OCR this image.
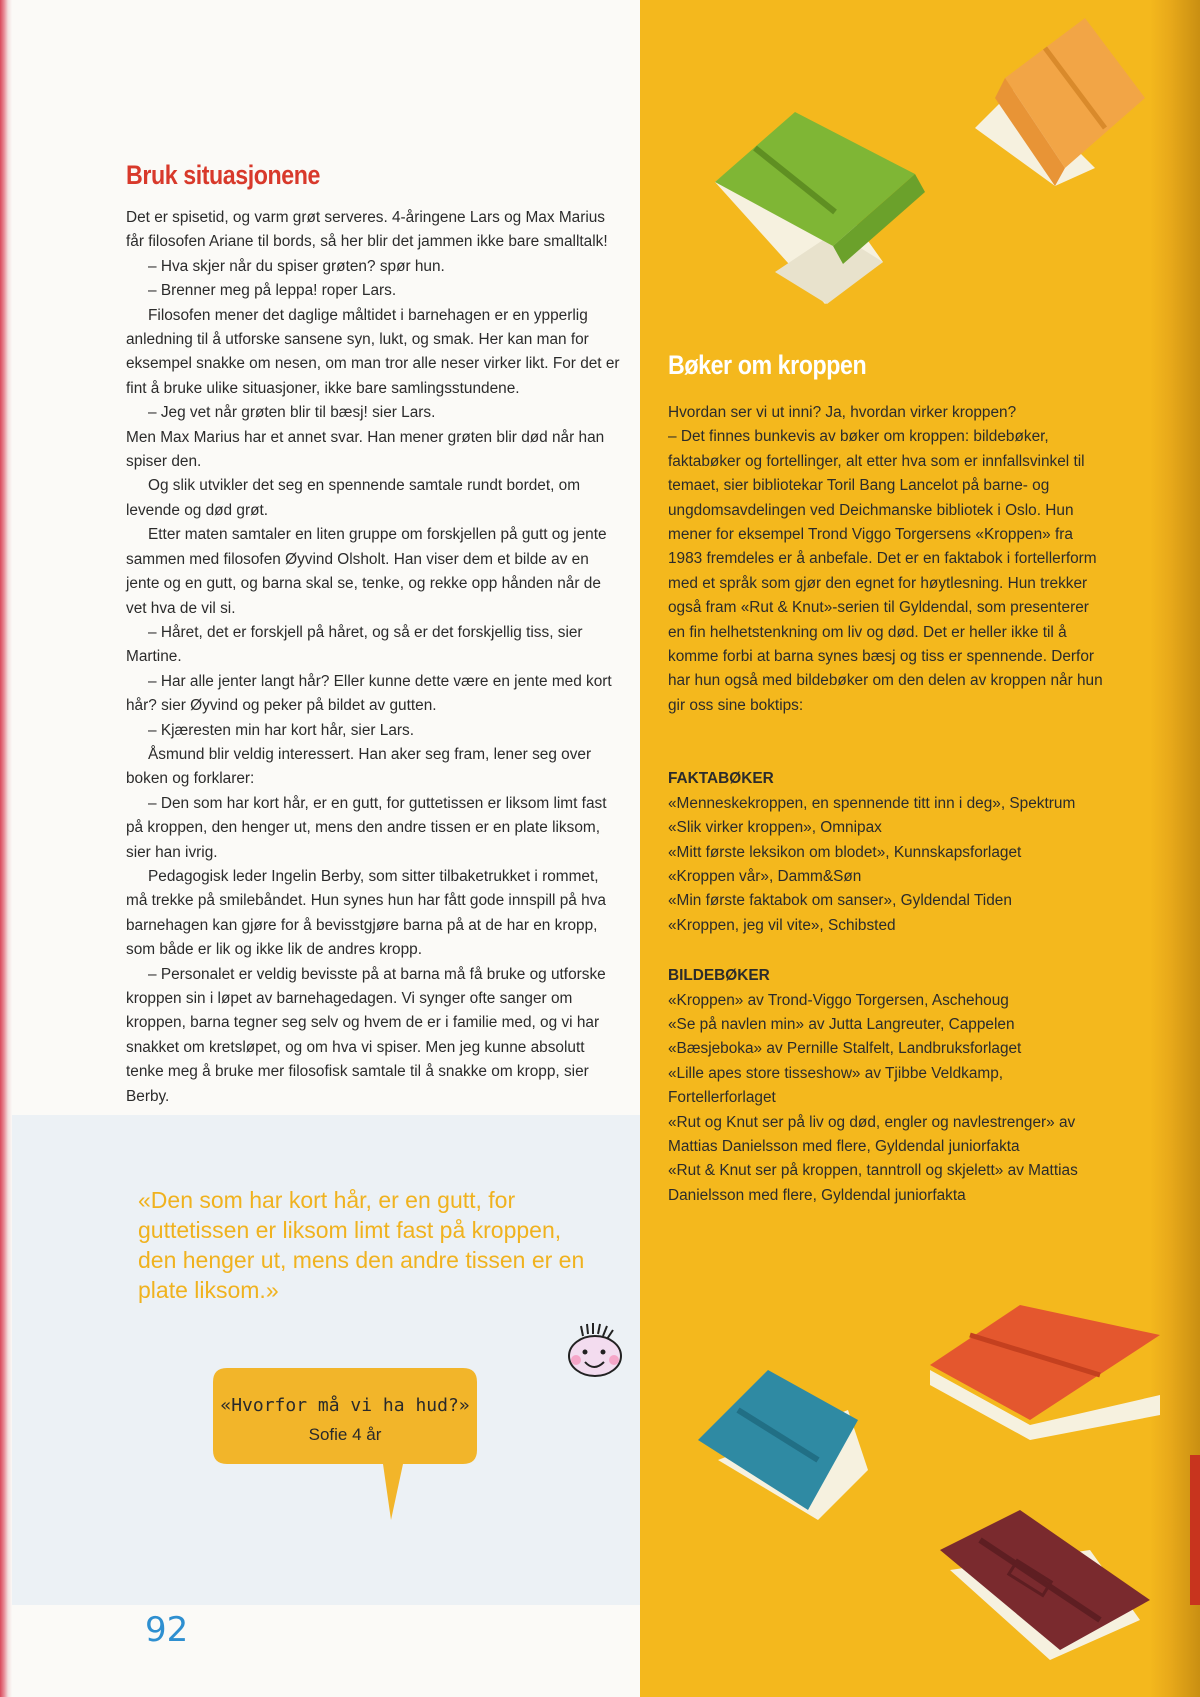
Bruk situasjonene

Det er spisetid, og varm grøt serveres. 4-åringene Lars og Max Marius får filosofen Ariane til bords, så her blir det jammen ikke bare smalltalk!

– Hva skjer når du spiser grøten? spør hun.

– Brenner meg på leppa! roper Lars.

Filosofen mener det daglige måltidet i barnehagen er en ypperlig anledning til å utforske sansene syn, lukt, og smak. Her kan man for eksempel snakke om nesen, om man tror alle neser virker likt. For det er fint å bruke ulike situasjoner, ikke bare samlingsstundene.

– Jeg vet når grøten blir til bæsj! sier Lars.

Men Max Marius har et annet svar. Han mener grøten blir død når han spiser den.

Og slik utvikler det seg en spennende samtale rundt bordet, om levende og død grøt.

Etter maten samtaler en liten gruppe om forskjellen på gutt og jente sammen med filosofen Øyvind Olsholt. Han viser dem et bilde av en jente og en gutt, og barna skal se, tenke, og rekke opp hånden når de vet hva de vil si.

– Håret, det er forskjell på håret, og så er det forskjellig tiss, sier Martine.

– Har alle jenter langt hår? Eller kunne dette være en jente med kort hår? sier Øyvind og peker på bildet av gutten.

– Kjæresten min har kort hår, sier Lars.

Åsmund blir veldig interessert. Han aker seg fram, lener seg over boken og forklarer:

– Den som har kort hår, er en gutt, for guttetissen er liksom limt fast på kroppen, den henger ut, mens den andre tissen er en plate liksom, sier han ivrig.

Pedagogisk leder Ingelin Berby, som sitter tilbaketrukket i rommet, må trekke på smilebåndet. Hun synes hun har fått gode innspill på hva barnehagen kan gjøre for å bevisstgjøre barna på at de har en kropp, som både er lik og ikke lik de andres kropp.

– Personalet er veldig bevisste på at barna må få bruke og utforske kroppen sin i løpet av barnehagedagen. Vi synger ofte sanger om kroppen, barna tegner seg selv og hvem de er i familie med, og vi har snakket om kretsløpet, og om hva vi spiser. Men jeg kunne absolutt tenke meg å bruke mer filosofisk samtale til å snakke om kropp, sier Berby.

«Den som har kort hår, er en gutt, for guttetissen er liksom limt fast på kroppen, den henger ut, mens den andre tissen er en plate liksom.»

«Hvorfor må vi ha hud?»
Sofie 4 år
92
Bøker om kroppen

Hvordan ser vi ut inni? Ja, hvordan virker kroppen?

– Det finnes bunkevis av bøker om kroppen: bildebøker, faktabøker og fortellinger, alt etter hva som er innfallsvinkel til temaet, sier bibliotekar Toril Bang Lancelot på barne- og ungdomsavdelingen ved Deichmanske bibliotek i Oslo. Hun mener for eksempel Trond Viggo Torgersens «Kroppen» fra 1983 fremdeles er å anbefale. Det er en faktabok i fortellerform med et språk som gjør den egnet for høytlesning. Hun trekker også fram «Rut & Knut»-serien til Gyldendal, som presenterer en fin helhetstenkning om liv og død. Det er heller ikke til å komme forbi at barna synes bæsj og tiss er spennende. Derfor har hun også med bildebøker om den delen av kroppen når hun gir oss sine boktips:

FAKTABØKER

«Menneskekroppen, en spennende titt inn i deg», Spektrum

«Slik virker kroppen», Omnipax

«Mitt første leksikon om blodet», Kunnskapsforlaget

«Kroppen vår», Damm&Søn

«Min første faktabok om sanser», Gyldendal Tiden

«Kroppen, jeg vil vite», Schibsted

BILDEBØKER

«Kroppen» av Trond-Viggo Torgersen, Aschehoug

«Se på navlen min» av Jutta Langreuter, Cappelen

«Bæsjeboka» av Pernille Stalfelt, Landbruksforlaget

«Lille apes store tisseshow» av Tjibbe Veldkamp, Fortellerforlaget

«Rut og Knut ser på liv og død, engler og navlestrenger» av Mattias Danielsson med flere, Gyldendal juniorfakta

«Rut & Knut ser på kroppen, tanntroll og skjelett» av Mattias Danielsson med flere, Gyldendal juniorfakta
